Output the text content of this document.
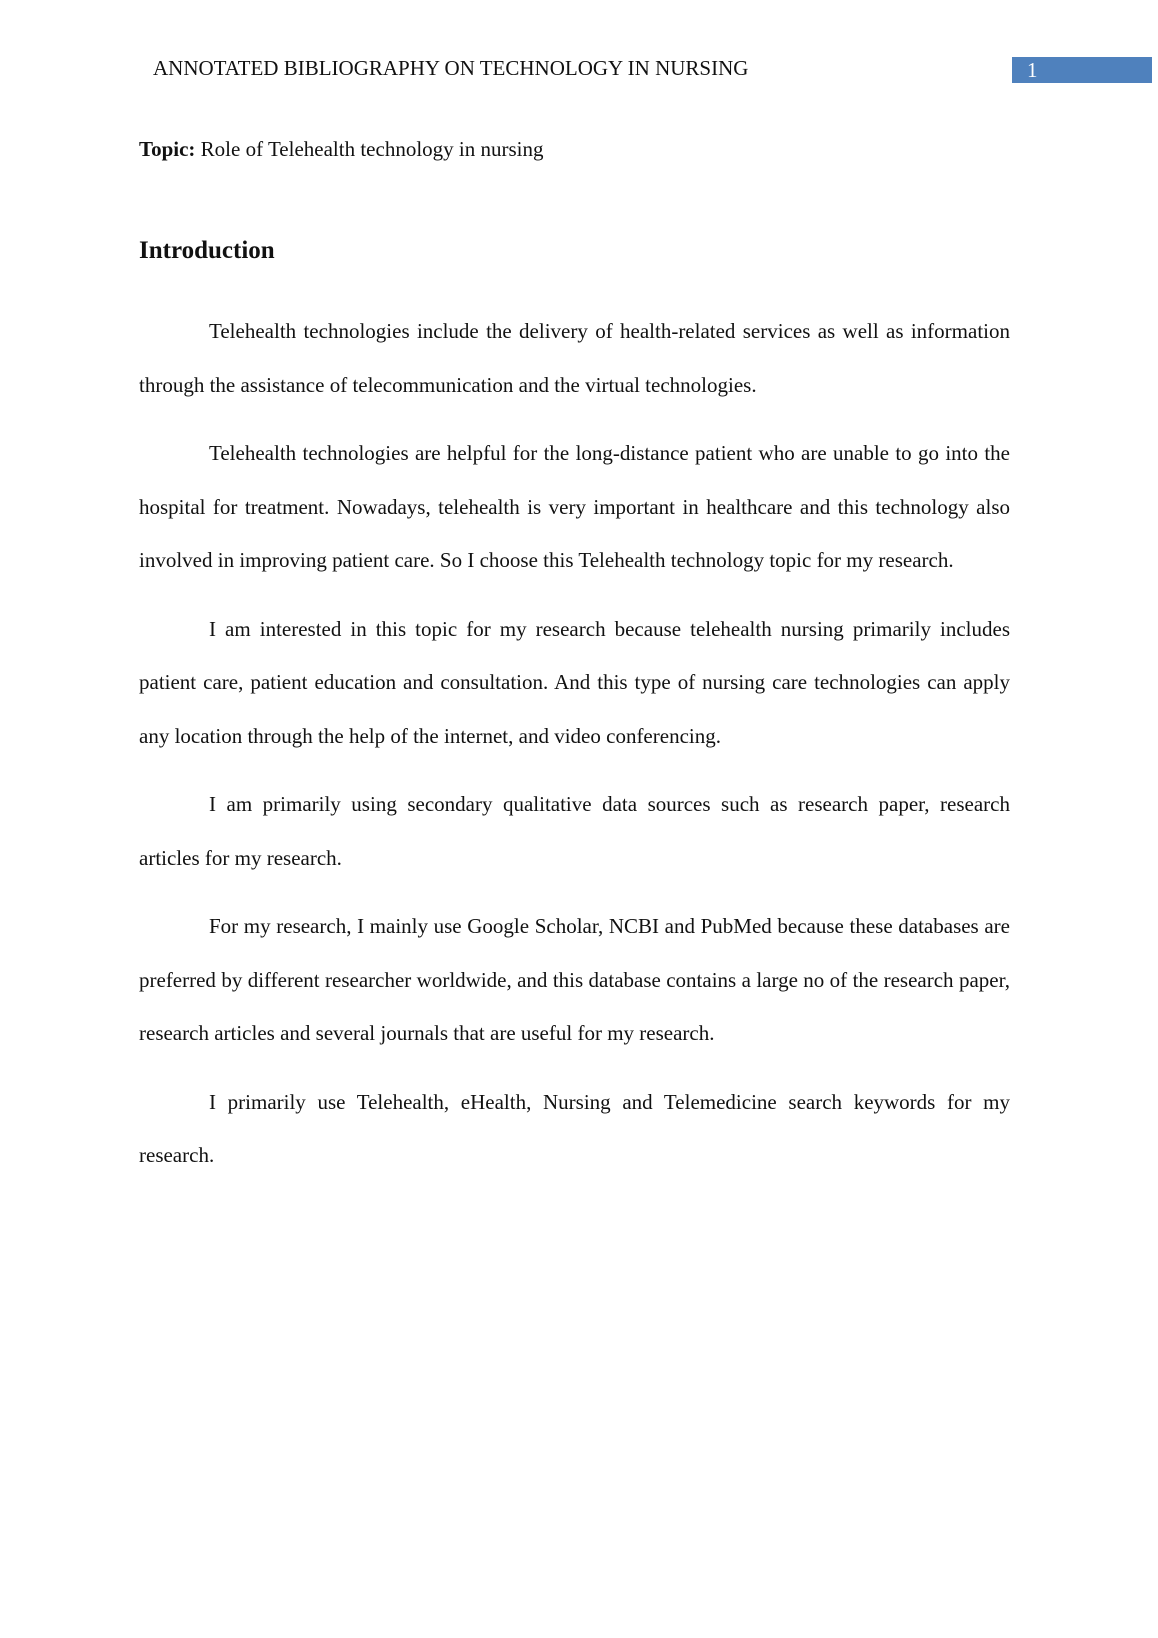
ANNOTATED BIBLIOGRAPHY ON TECHNOLOGY IN NURSING	1
Topic: Role of Telehealth technology in nursing
Introduction

Telehealth technologies include the delivery of health-related services as well as information through the assistance of telecommunication and the virtual technologies.

Telehealth technologies are helpful for the long-distance patient who are unable to go into the hospital for treatment. Nowadays, telehealth is very important in healthcare and this technology also involved in improving patient care. So I choose this Telehealth technology topic for my research.

I am interested in this topic for my research because telehealth nursing primarily includes patient care, patient education and consultation. And this type of nursing care technologies can apply any location through the help of the internet, and video conferencing.

I am primarily using secondary qualitative data sources such as research paper, research articles for my research.

For my research, I mainly use Google Scholar, NCBI and PubMed because these databases are preferred by different researcher worldwide, and this database contains a large no of the research paper, research articles and several journals that are useful for my research.

I primarily use Telehealth, eHealth, Nursing and Telemedicine search keywords for my research.
